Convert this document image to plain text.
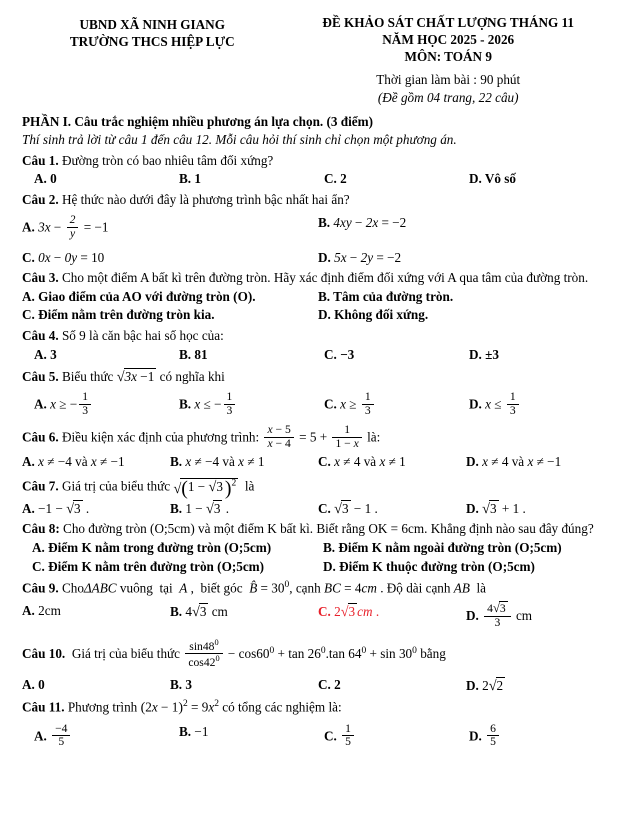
UBND XÃ NINH GIANG
TRƯỜNG THCS HIỆP LỰC
ĐỀ KHẢO SÁT CHẤT LƯỢNG THÁNG 11
NĂM HỌC 2025 - 2026
MÔN: TOÁN 9
Thời gian làm bài : 90 phút
(Đề gồm 04 trang, 22 câu)
PHẦN I. Câu trắc nghiệm nhiều phương án lựa chọn. (3 điểm)
Thí sinh trả lời từ câu 1 đến câu 12. Mỗi câu hỏi thí sinh chỉ chọn một phương án.
Câu 1. Đường tròn có bao nhiêu tâm đối xứng?
A. 0	B. 1	C. 2	D. Vô số
Câu 2. Hệ thức nào dưới đây là phương trình bậc nhất hai ẩn?
A. $3x - \frac{2}{y} = -1$	B. 4xy − 2x = −2
C. 0x − 0y = 10	D. 5x − 2y = −2
Câu 3. Cho một điểm A bất kì trên đường tròn. Hãy xác định điểm đối xứng với A qua tâm của đường tròn.
A. Giao điểm của AO với đường tròn (O).	B. Tâm của đường tròn.
C. Điểm nằm trên đường tròn kia.	D. Không đối xứng.
Câu 4. Số 9 là căn bậc hai số học của:
A. 3	B. 81	C. −3	D. ±3
Câu 5. Biểu thức √3x −1 có nghĩa khi
A. x ≥ − $\frac{1}{3}$	B. x ≤ − $\frac{1}{3}$	C. $x \ge \frac{1}{3}$	D. $x \le \frac{1}{3}$
Câu 6. Điều kiện xác định của phương trình: $\frac{x - 5}{x - 4} = 5 + \frac{1}{1 - x}$ là:
A. x ≠ −4 và x ≠ −1	B. x ≠ −4 và x ≠ 1	C. x ≠ 4 và x ≠ 1	D. x ≠ 4 và x ≠ −1
Câu 7. Giá trị của biểu thức √(1 − √3 )$^2$  là
A. −1 − √3 .	B. 1 − √3 .	C. √3 − 1 .	D. √3 + 1 .
Câu 8: Cho đường tròn (O;5cm) và một điểm K bất kì. Biết rằng OK = 6cm. Khẳng định nào sau đây đúng?
A. Điểm K nằm trong đường tròn (O;5cm)	B. Điểm K nằm ngoài đường tròn (O;5cm)
C. Điểm K nằm trên đường tròn (O;5cm)	D. Điểm K thuộc đường tròn (O;5cm)
Câu 9. ChoΔABC vuông  tại  A ,  biết góc  B̂ = $30^0$, cạnh BC = 4cm . Độ dài cạnh AB  là
A. 2cm	B. 4√3 cm	C. 2√3 cm .	D. $\frac{4√3}{3}$ cm
Câu 10.  Giá trị của biểu thức $\frac{\sin 48^0}{\cos 42^0} - \cos 60^0 + \tan 26^0.\tan$ $64^0 + \sin 30^0$ bằng
A. 0	B. 3	C. 2	D. 2√2
Câu 11. Phương trình $(2x - 1)^2 = 9x^2$ có tổng các nghiệm là:
A. $\frac{-4}{5}$	B. −1	C. $\frac{1}{5}$	D. $\frac{6}{5}$
